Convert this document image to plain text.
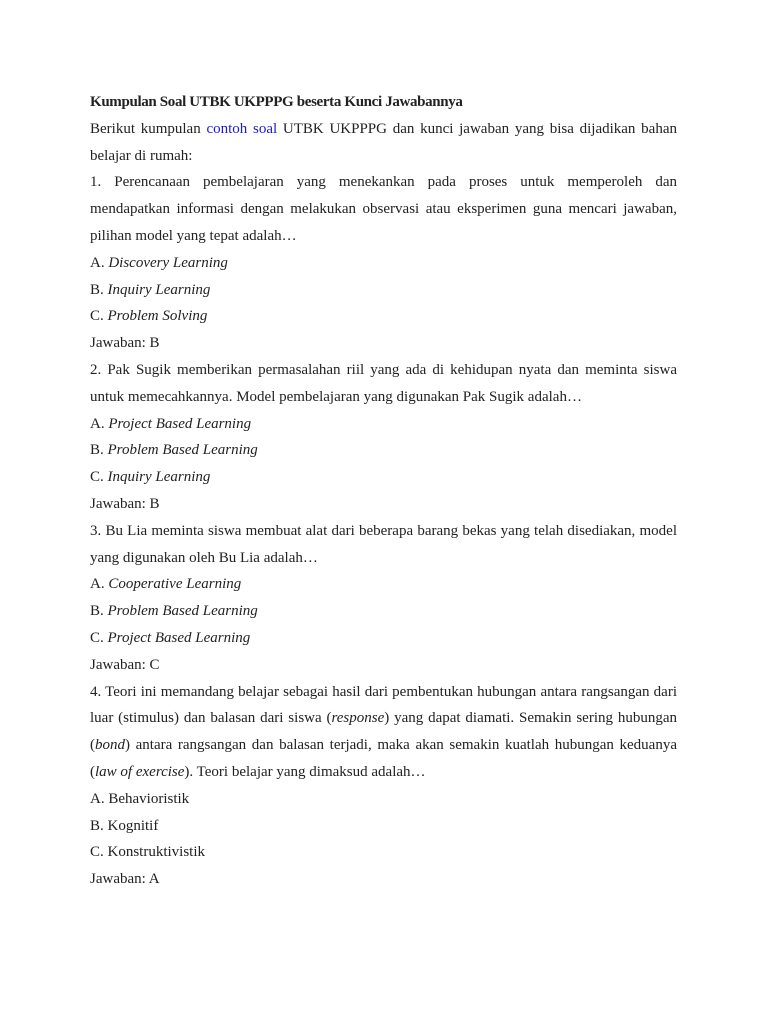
Kumpulan Soal UTBK UKPPPG beserta Kunci Jawabannya

Berikut kumpulan contoh soal UTBK UKPPPG dan kunci jawaban yang bisa dijadikan bahan belajar di rumah:

1. Perencanaan pembelajaran yang menekankan pada proses untuk memperoleh dan mendapatkan informasi dengan melakukan observasi atau eksperimen guna mencari jawaban, pilihan model yang tepat adalah…

A. Discovery Learning

B. Inquiry Learning

C. Problem Solving

Jawaban: B

2. Pak Sugik memberikan permasalahan riil yang ada di kehidupan nyata dan meminta siswa untuk memecahkannya. Model pembelajaran yang digunakan Pak Sugik adalah…

A. Project Based Learning

B. Problem Based Learning

C. Inquiry Learning

Jawaban: B

3. Bu Lia meminta siswa membuat alat dari beberapa barang bekas yang telah disediakan, model yang digunakan oleh Bu Lia adalah…

A. Cooperative Learning

B. Problem Based Learning

C. Project Based Learning

Jawaban: C

4. Teori ini memandang belajar sebagai hasil dari pembentukan hubungan antara rangsangan dari luar (stimulus) dan balasan dari siswa (response) yang dapat diamati. Semakin sering hubungan (bond) antara rangsangan dan balasan terjadi, maka akan semakin kuatlah hubungan keduanya (law of exercise). Teori belajar yang dimaksud adalah…

A. Behavioristik

B. Kognitif

C. Konstruktivistik

Jawaban: A
